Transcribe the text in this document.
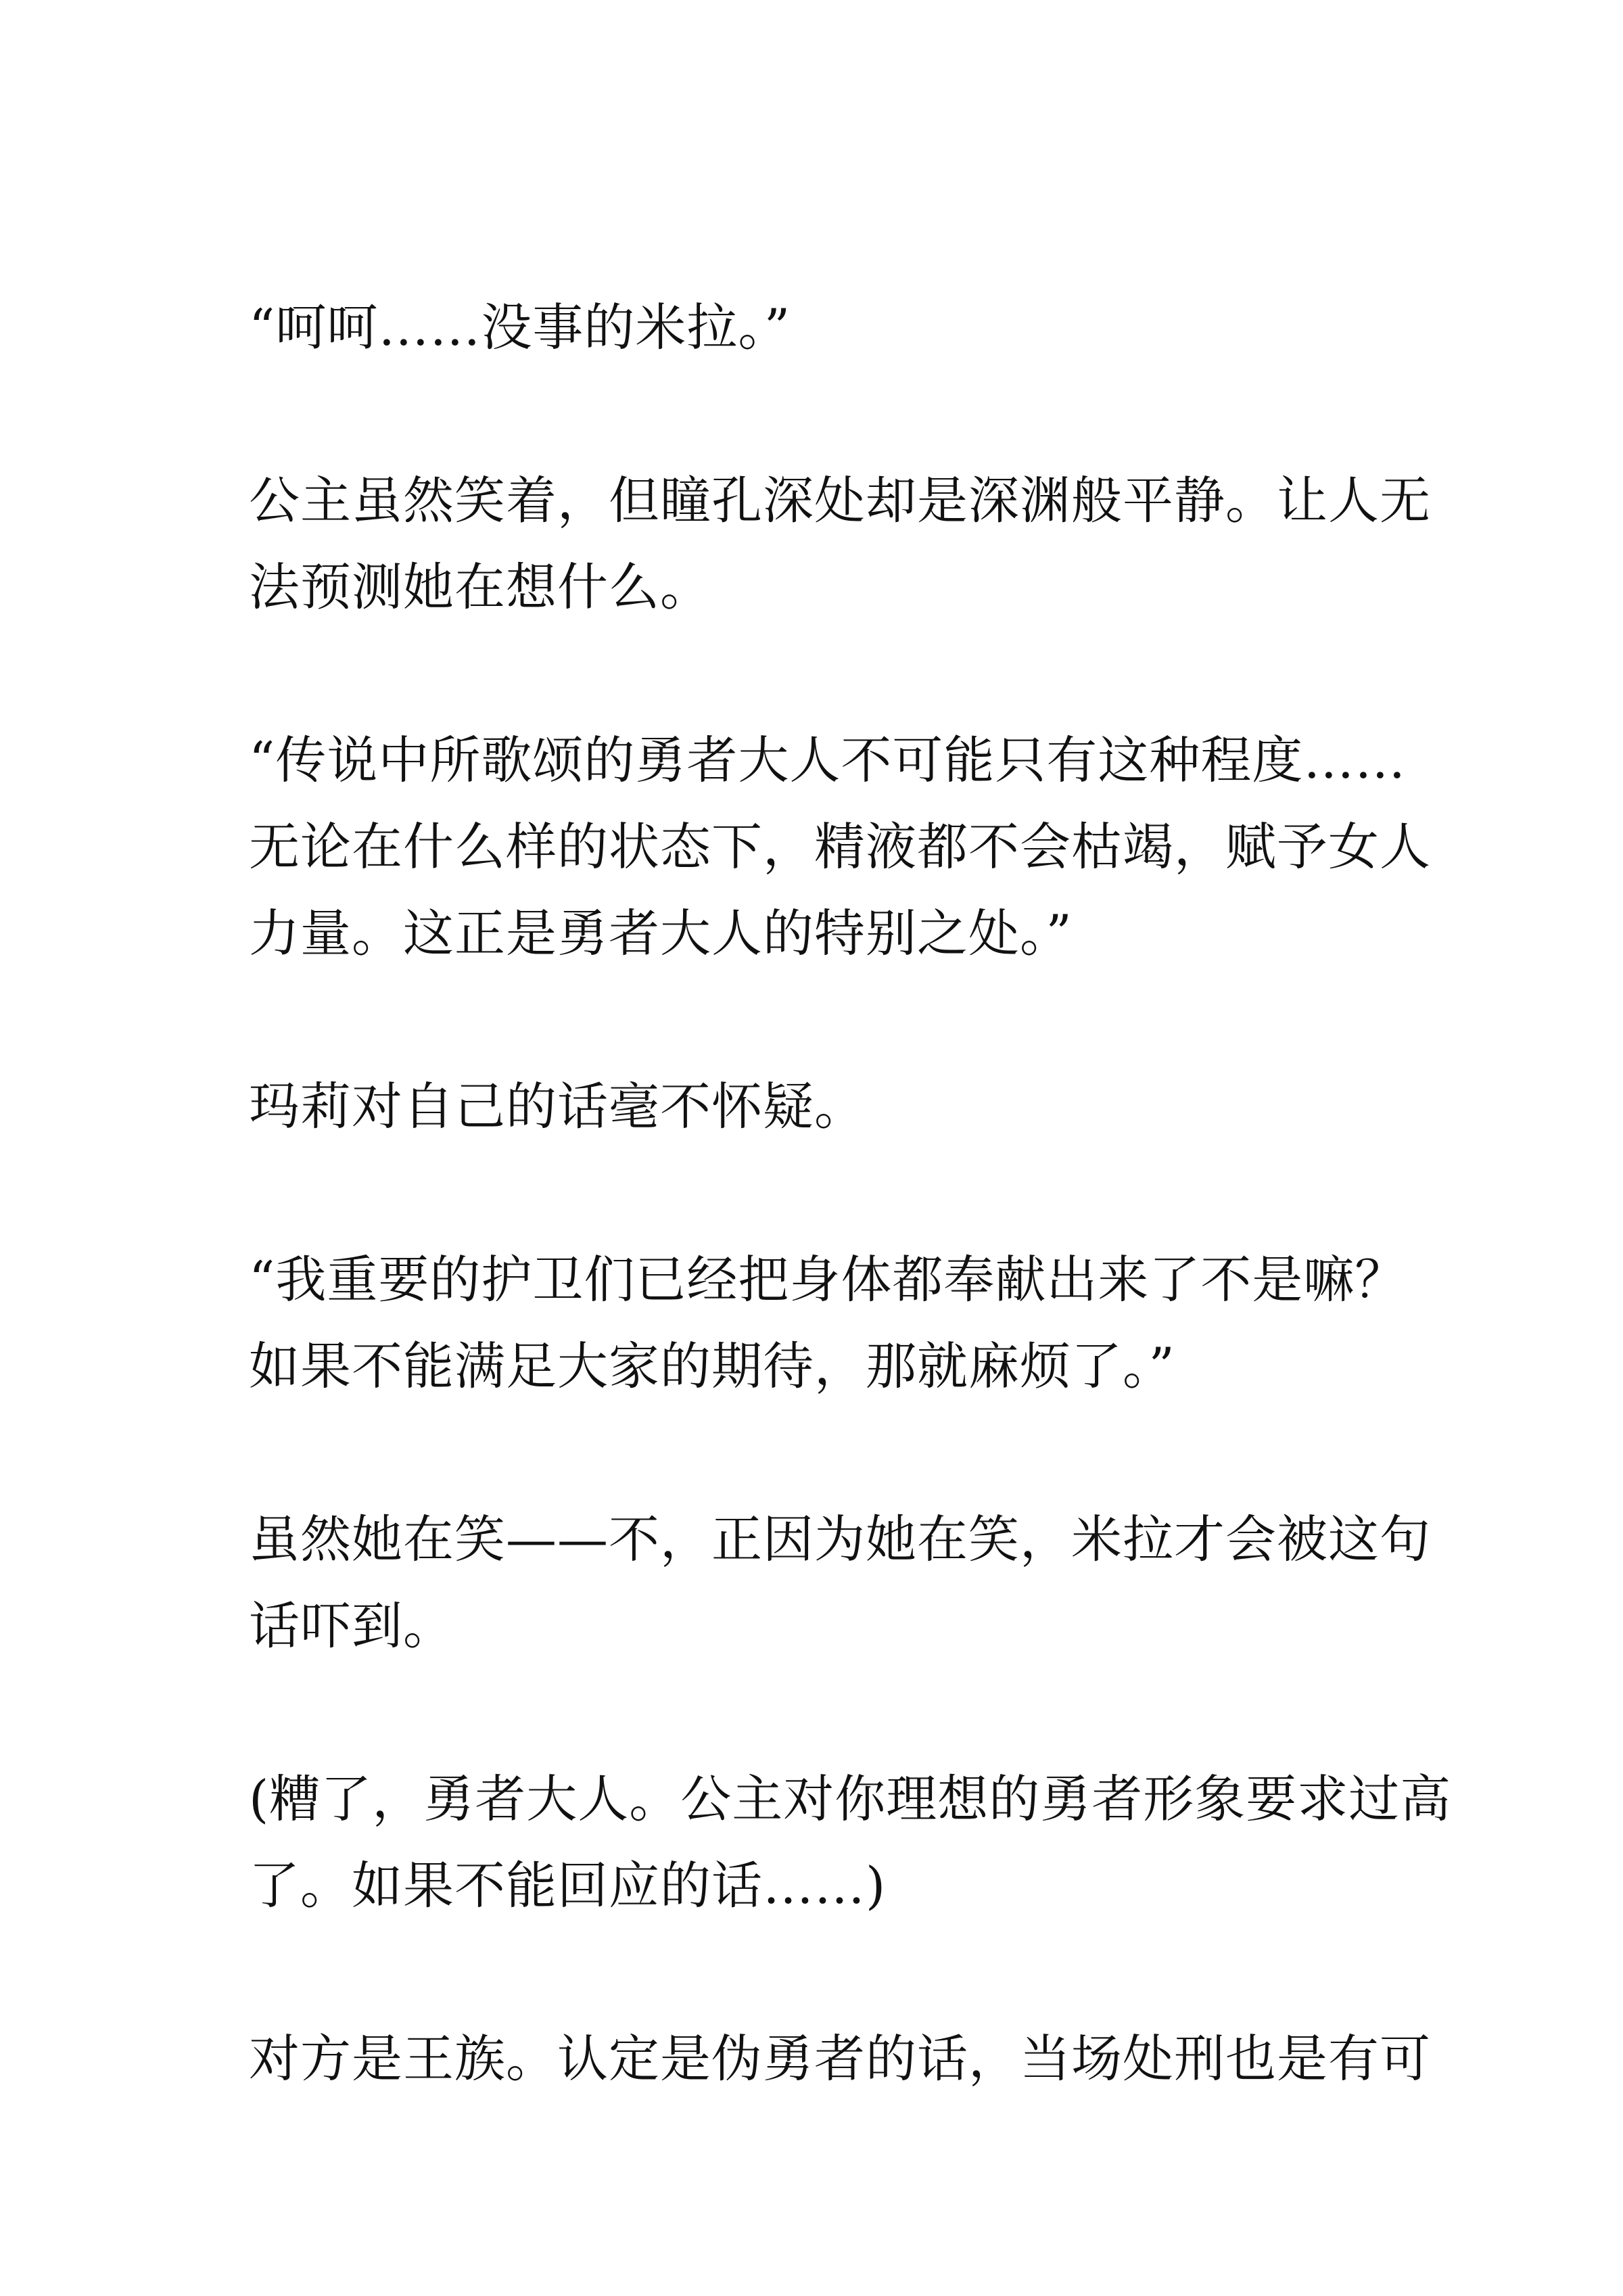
“呵呵……没事的米拉。”

公主虽然笑着，但瞳孔深处却是深渊般平静。让人无
法预测她在想什么。

“传说中所歌颂的勇者大人不可能只有这种程度……
无论在什么样的状态下，精液都不会枯竭，赋予女人
力量。这正是勇者大人的特别之处。”

玛莉对自己的话毫不怀疑。

“我重要的护卫们已经把身体都奉献出来了不是嘛？
如果不能满足大家的期待，那就麻烦了。”

虽然她在笑——不，正因为她在笑，米拉才会被这句
话吓到。

(糟了，勇者大人。公主对你理想的勇者形象要求过高
了。如果不能回应的话……)

对方是王族。认定是伪勇者的话，当场处刑也是有可
